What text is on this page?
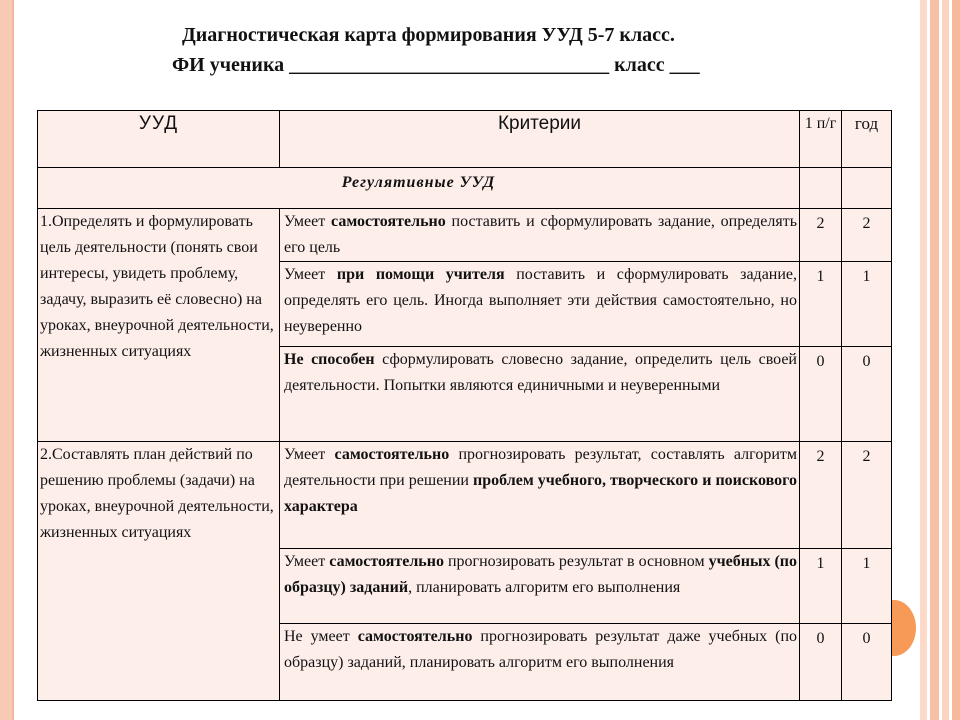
Диагностическая карта формирования УУД 5-7 класс.
ФИ ученика ________________________________ класс ___
УУД	Критерии	1 п/г	год
Регулятивные УУД			
1.Определять и формулировать цель деятельности (понять свои интересы, увидеть проблему, задачу, выразить её словесно) на уроках, внеурочной деятельности, жизненных ситуациях	Умеет самостоятельно поставить и сформулировать задание, определять его цель	2	2
	Умеет при помощи учителя поставить и сформулировать задание, определять его цель. Иногда выполняет эти действия самостоятельно, но неуверенно	1	1
	Не способен сформулировать словесно задание, определить цель своей деятельности. Попытки являются единичными и неуверенными	0	0
2.Составлять план действий по решению проблемы (задачи) на уроках, внеурочной деятельности, жизненных ситуациях	Умеет самостоятельно прогнозировать результат, составлять алгоритм деятельности при решении проблем учебного, творческого и поискового характера	2	2
	Умеет самостоятельно прогнозировать результат в основном учебных (по образцу) заданий, планировать алгоритм его выполнения	1	1
	Не умеет самостоятельно прогнозировать результат даже учебных (по образцу) заданий, планировать алгоритм его выполнения	0	0
